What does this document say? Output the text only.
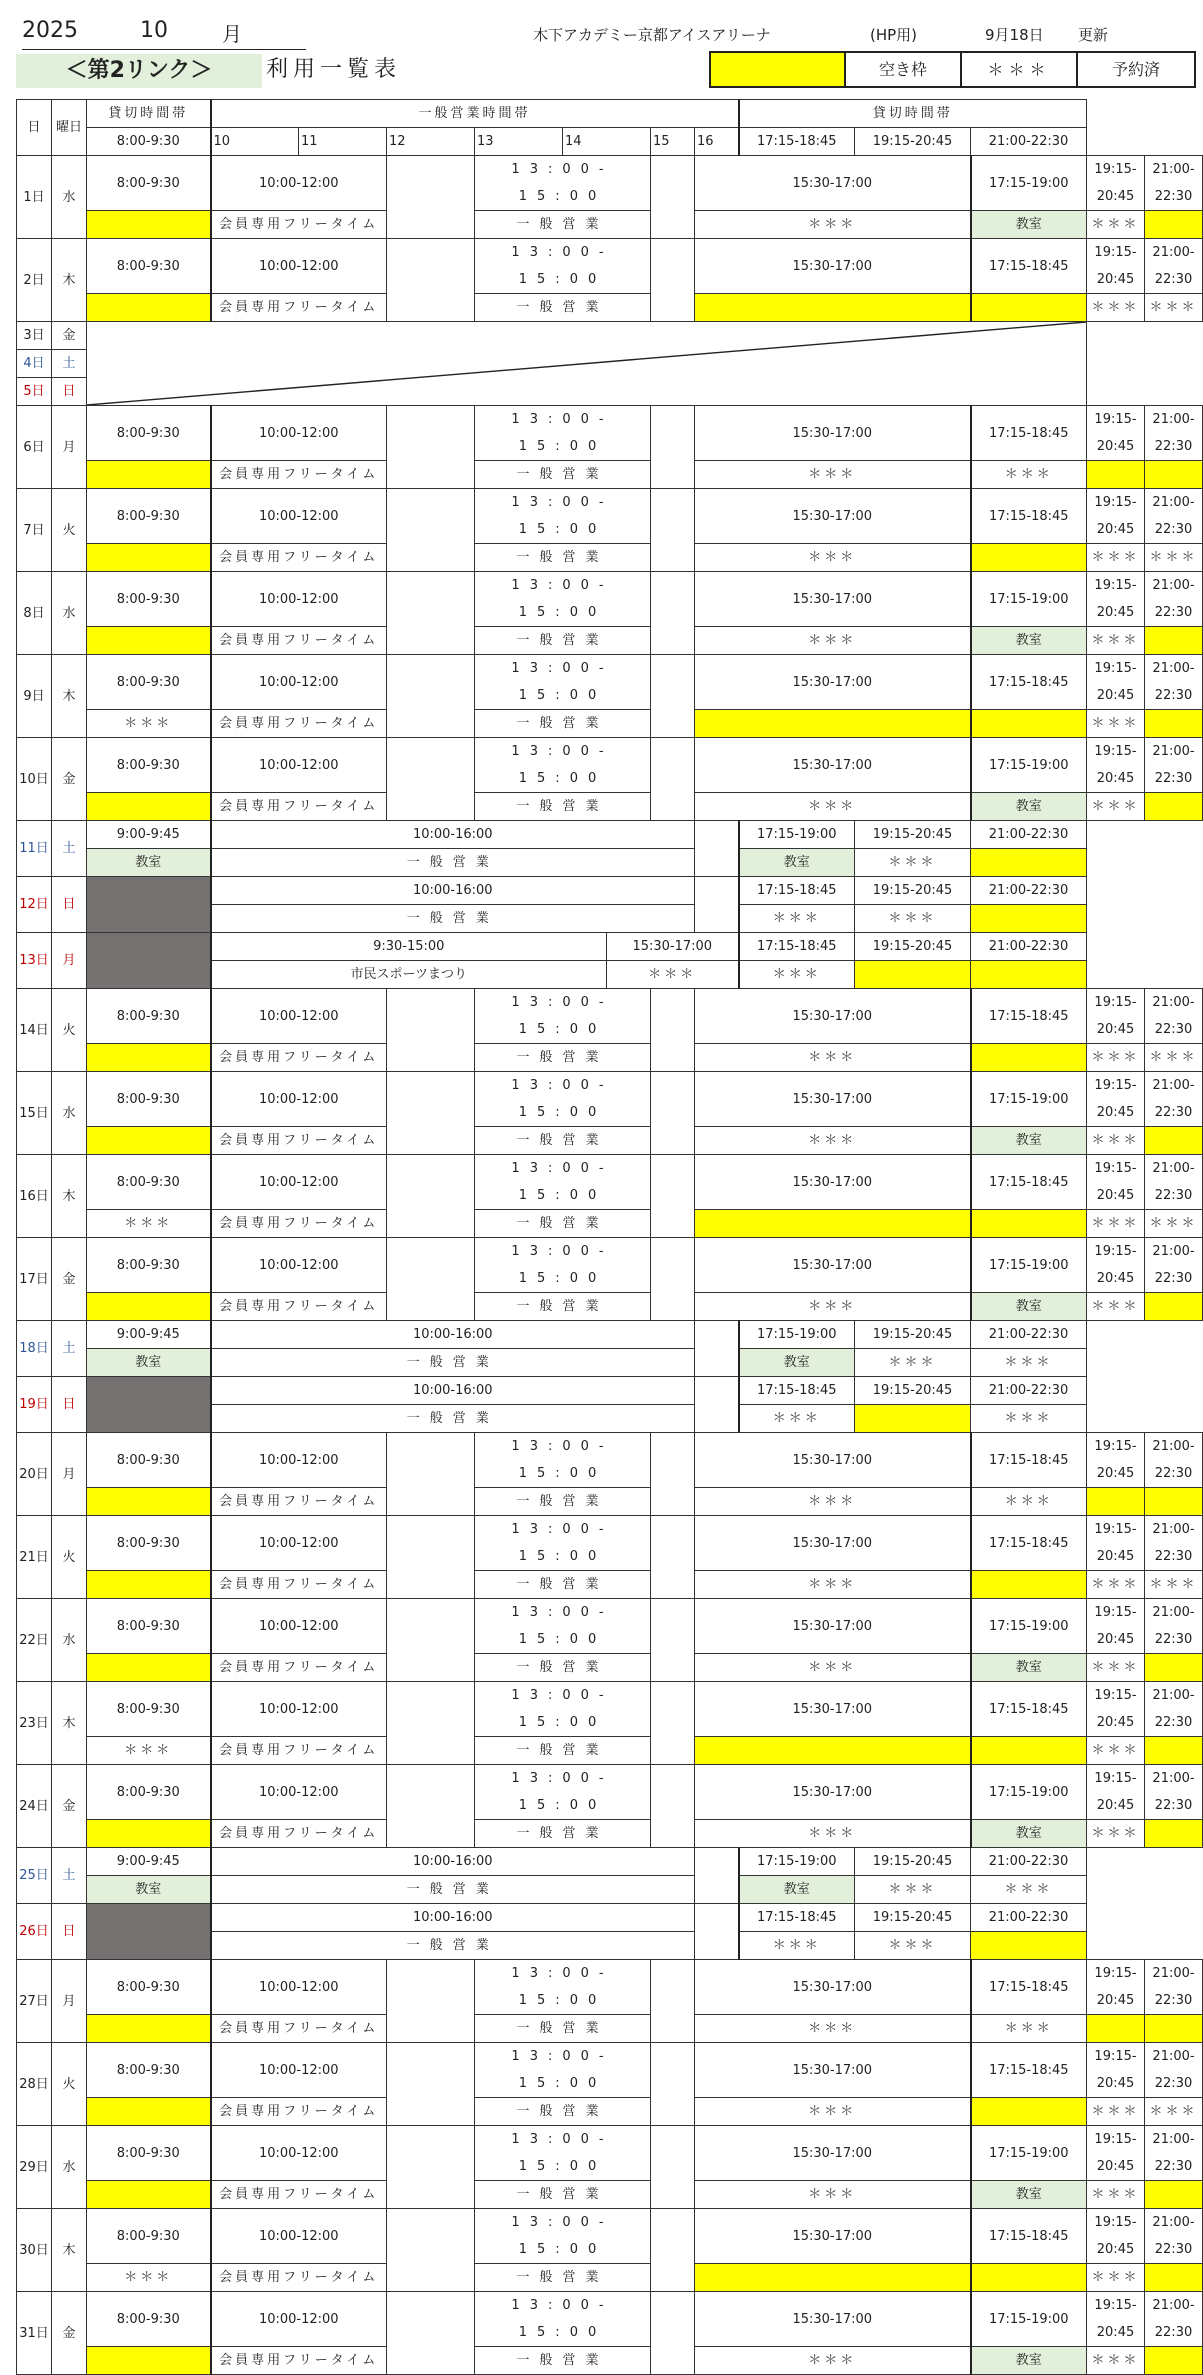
2025	10	月
＜第2リンク＞	利用一覧表
木下アカデミー京都アイスアリーナ	(HP用)	9月18日 更新
空き枠	＊＊＊	予約済
日	曜日	貸切時間帯	一般営業時間帯								貸切時間帯				
		8:00-9:30	10	11	12	13	14		15	16	17:15-18:45	19:15-20:45	21:00-22:30		
1日	水	8:00-9:30	10:00-12:00			13:00-15:00				15:30-17:00			17:15-19:00	19:15-20:45	21:00-22:30
			会員専用フリータイム			一般営業				＊＊＊			教室	＊＊＊	
2日	木	8:00-9:30	10:00-12:00			13:00-15:00				15:30-17:00			17:15-18:45	19:15-20:45	21:00-22:30
			会員専用フリータイム			一般営業								＊＊＊	＊＊＊
3日	金	

4日	土														

5日	日														

6日	月	8:00-9:30	10:00-12:00			13:00-15:00				15:30-17:00			17:15-18:45	19:15-20:45	21:00-22:30
			会員専用フリータイム			一般営業				＊＊＊			＊＊＊		
7日	火	8:00-9:30	10:00-12:00			13:00-15:00				15:30-17:00			17:15-18:45	19:15-20:45	21:00-22:30
			会員専用フリータイム			一般営業				＊＊＊				＊＊＊	＊＊＊
8日	水	8:00-9:30	10:00-12:00			13:00-15:00				15:30-17:00			17:15-19:00	19:15-20:45	21:00-22:30
			会員専用フリータイム			一般営業				＊＊＊			教室	＊＊＊	
9日	木	8:00-9:30	10:00-12:00			13:00-15:00				15:30-17:00			17:15-18:45	19:15-20:45	21:00-22:30
		＊＊＊	会員専用フリータイム			一般営業								＊＊＊	
10日	金	8:00-9:30	10:00-12:00			13:00-15:00				15:30-17:00			17:15-19:00	19:15-20:45	21:00-22:30
			会員専用フリータイム			一般営業				＊＊＊			教室	＊＊＊	
11日	土	9:00-9:45	10:00-16:00								17:15-19:00	19:15-20:45	21:00-22:30		
		教室	一般営業								教室	＊＊＊			
12日	日		10:00-16:00								17:15-18:45	19:15-20:45	21:00-22:30		
			一般営業								＊＊＊	＊＊＊			
13日	月		9:30-15:00					15:30-17:00			17:15-18:45	19:15-20:45	21:00-22:30		
			市民スポーツまつり					＊＊＊			＊＊＊				
14日	火	8:00-9:30	10:00-12:00			13:00-15:00				15:30-17:00			17:15-18:45	19:15-20:45	21:00-22:30
			会員専用フリータイム			一般営業				＊＊＊				＊＊＊	＊＊＊
15日	水	8:00-9:30	10:00-12:00			13:00-15:00				15:30-17:00			17:15-19:00	19:15-20:45	21:00-22:30
			会員専用フリータイム			一般営業				＊＊＊			教室	＊＊＊	
16日	木	8:00-9:30	10:00-12:00			13:00-15:00				15:30-17:00			17:15-18:45	19:15-20:45	21:00-22:30
		＊＊＊	会員専用フリータイム			一般営業								＊＊＊	＊＊＊
17日	金	8:00-9:30	10:00-12:00			13:00-15:00				15:30-17:00			17:15-19:00	19:15-20:45	21:00-22:30
			会員専用フリータイム			一般営業				＊＊＊			教室	＊＊＊	
18日	土	9:00-9:45	10:00-16:00								17:15-19:00	19:15-20:45	21:00-22:30		
		教室	一般営業								教室	＊＊＊	＊＊＊		
19日	日		10:00-16:00								17:15-18:45	19:15-20:45	21:00-22:30		
			一般営業								＊＊＊		＊＊＊		
20日	月	8:00-9:30	10:00-12:00			13:00-15:00				15:30-17:00			17:15-18:45	19:15-20:45	21:00-22:30
			会員専用フリータイム			一般営業				＊＊＊			＊＊＊		
21日	火	8:00-9:30	10:00-12:00			13:00-15:00				15:30-17:00			17:15-18:45	19:15-20:45	21:00-22:30
			会員専用フリータイム			一般営業				＊＊＊				＊＊＊	＊＊＊
22日	水	8:00-9:30	10:00-12:00			13:00-15:00				15:30-17:00			17:15-19:00	19:15-20:45	21:00-22:30
			会員専用フリータイム			一般営業				＊＊＊			教室	＊＊＊	
23日	木	8:00-9:30	10:00-12:00			13:00-15:00				15:30-17:00			17:15-18:45	19:15-20:45	21:00-22:30
		＊＊＊	会員専用フリータイム			一般営業								＊＊＊	
24日	金	8:00-9:30	10:00-12:00			13:00-15:00				15:30-17:00			17:15-19:00	19:15-20:45	21:00-22:30
			会員専用フリータイム			一般営業				＊＊＊			教室	＊＊＊	
25日	土	9:00-9:45	10:00-16:00								17:15-19:00	19:15-20:45	21:00-22:30		
		教室	一般営業								教室	＊＊＊	＊＊＊		
26日	日		10:00-16:00								17:15-18:45	19:15-20:45	21:00-22:30		
			一般営業								＊＊＊	＊＊＊			
27日	月	8:00-9:30	10:00-12:00			13:00-15:00				15:30-17:00			17:15-18:45	19:15-20:45	21:00-22:30
			会員専用フリータイム			一般営業				＊＊＊			＊＊＊		
28日	火	8:00-9:30	10:00-12:00			13:00-15:00				15:30-17:00			17:15-18:45	19:15-20:45	21:00-22:30
			会員専用フリータイム			一般営業				＊＊＊				＊＊＊	＊＊＊
29日	水	8:00-9:30	10:00-12:00			13:00-15:00				15:30-17:00			17:15-19:00	19:15-20:45	21:00-22:30
			会員専用フリータイム			一般営業				＊＊＊			教室	＊＊＊	
30日	木	8:00-9:30	10:00-12:00			13:00-15:00				15:30-17:00			17:15-18:45	19:15-20:45	21:00-22:30
		＊＊＊	会員専用フリータイム			一般営業								＊＊＊	
31日	金	8:00-9:30	10:00-12:00			13:00-15:00				15:30-17:00			17:15-19:00	19:15-20:45	21:00-22:30
			会員専用フリータイム			一般営業				＊＊＊			教室	＊＊＊	
